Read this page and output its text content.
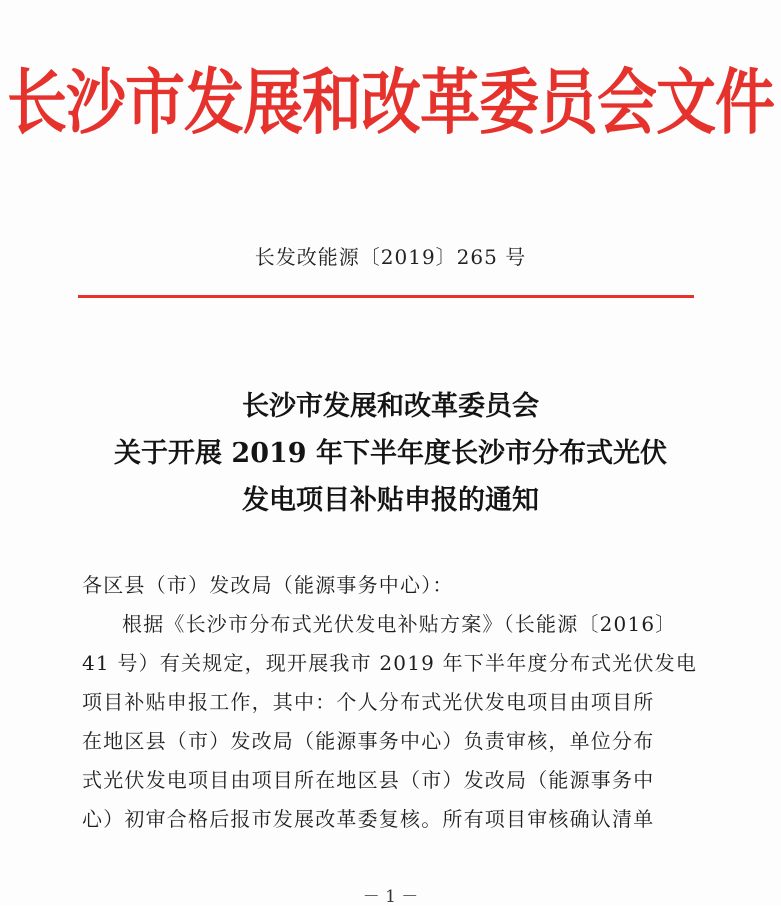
长沙市发展和改革委员会文件
长发改能源〔2019〕265 号
长沙市发展和改革委员会
关于开展 2019 年下半年度长沙市分布式光伏
发电项目补贴申报的通知
各区县（市）发改局（能源事务中心）：
根据《长沙市分布式光伏发电补贴方案》（长能源〔2016〕
41 号）有关规定，现开展我市 2019 年下半年度分布式光伏发电
项目补贴申报工作，其中：个人分布式光伏发电项目由项目所
在地区县（市）发改局（能源事务中心）负责审核，单位分布
式光伏发电项目由项目所在地区县（市）发改局（能源事务中
心）初审合格后报市发展改革委复核。所有项目审核确认清单
－ 1 －
